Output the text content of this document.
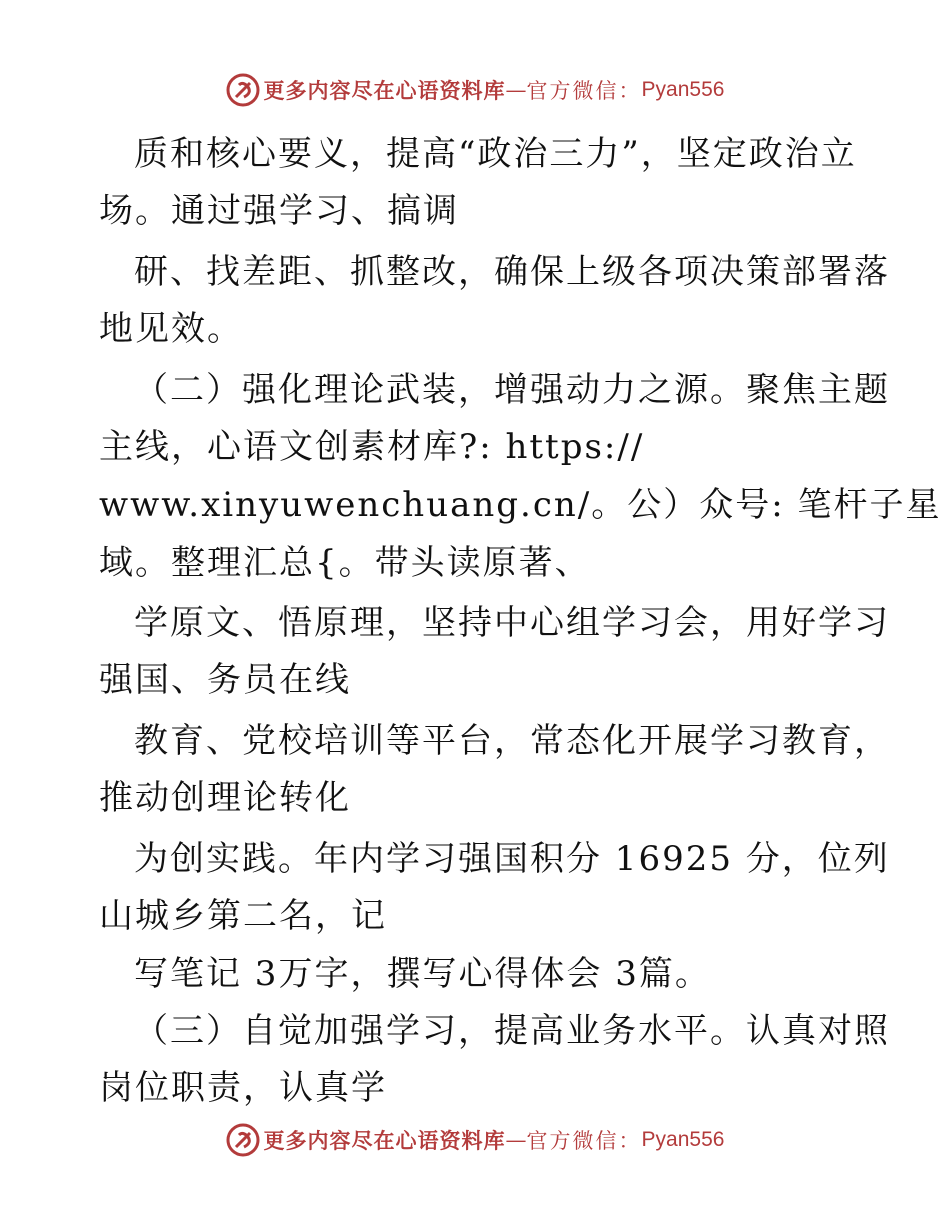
更多内容尽在心语资料库 — 官方微信： Pyan556
质和核心要义，提高“政治三力”，坚定政治立
场。通过强学习、搞调
研、找差距、抓整改，确保上级各项决策部署落
地见效。
（二）强化理论武装，增强动力之源。聚焦主题
主线，心语文创素材库?: https://
www.xinyuwenchuang.cn/。公）众号: 笔杆子星
域。整理汇总{。带头读原著、
学原文、悟原理，坚持中心组学习会，用好学习
强国、务员在线
教育、党校培训等平台，常态化开展学习教育，
推动创理论转化
为创实践。年内学习强国积分 16925 分，位列
山城乡第二名，记
写笔记 3万字，撰写心得体会 3篇。
（三）自觉加强学习，提高业务水平。认真对照
岗位职责，认真学
更多内容尽在心语资料库 — 官方微信： Pyan556
